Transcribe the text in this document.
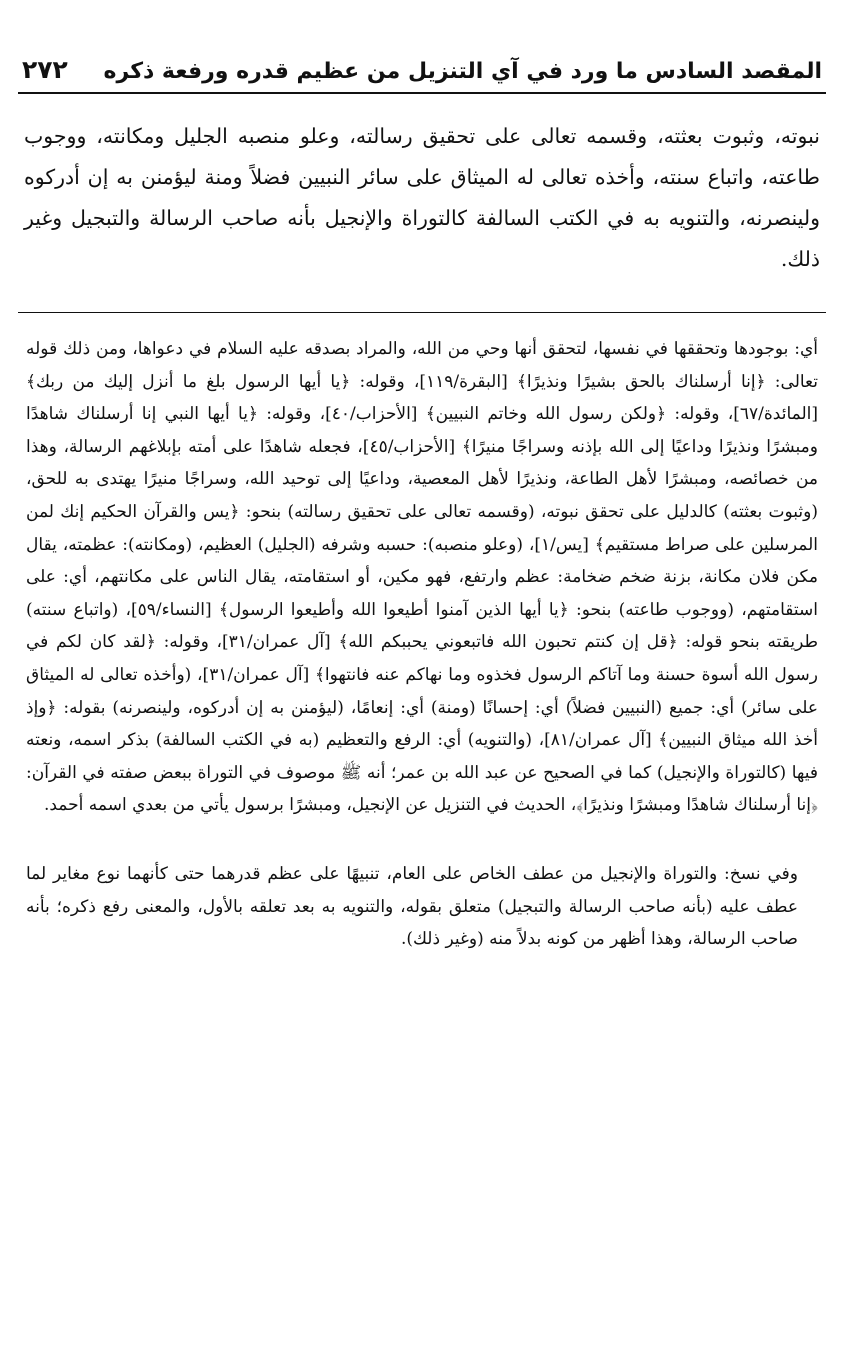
المقصد السادس ما ورد في آي التنزيل من عظيم قدره ورفعة ذكره
٢٧٢

نبوته، وثبوت بعثته، وقسمه تعالى على تحقيق رسالته، وعلو منصبه الجليل ومكانته، ووجوب طاعته، واتباع سنته، وأخذه تعالى له الميثاق على سائر النبيين فضلاً ومنة ليؤمنن به إن أدركوه ولينصرنه، والتنويه به في الكتب السالفة كالتوراة والإنجيل بأنه صاحب الرسالة والتبجيل وغير ذلك.

أي: بوجودها وتحققها في نفسها، لتحقق أنها وحي من الله، والمراد بصدقه عليه السلام في دعواها، ومن ذلك قوله تعالى: ﴿إنا أرسلناك بالحق بشيرًا ونذيرًا﴾ [البقرة/١١٩]، وقوله: ﴿يا أيها الرسول بلغ ما أنزل إليك من ربك﴾ [المائدة/٦٧]، وقوله: ﴿ولكن رسول الله وخاتم النبيين﴾ [الأحزاب/٤٠]، وقوله: ﴿يا أيها النبي إنا أرسلناك شاهدًا ومبشرًا ونذيرًا وداعيًا إلى الله بإذنه وسراجًا منيرًا﴾ [الأحزاب/٤٥]، فجعله شاهدًا على أمته بإبلاغهم الرسالة، وهذا من خصائصه، ومبشرًا لأهل الطاعة، ونذيرًا لأهل المعصية، وداعيًا إلى توحيد الله، وسراجًا منيرًا يهتدى به للحق، (وثبوت بعثته) كالدليل على تحقق نبوته، (وقسمه تعالى على تحقيق رسالته) بنحو: ﴿يس والقرآن الحكيم إنك لمن المرسلين على صراط مستقيم﴾ [يس/١]، (وعلو منصبه): حسبه وشرفه (الجليل) العظيم، (ومكانته): عظمته، يقال مكن فلان مكانة، بزنة ضخم ضخامة: عظم وارتفع، فهو مكين، أو استقامته، يقال الناس على مكانتهم، أي: على استقامتهم، (ووجوب طاعته) بنحو: ﴿يا أيها الذين آمنوا أطيعوا الله وأطيعوا الرسول﴾ [النساء/٥٩]، (واتباع سنته) طريقته بنحو قوله: ﴿قل إن كنتم تحبون الله فاتبعوني يحببكم الله﴾ [آل عمران/٣١]، وقوله: ﴿لقد كان لكم في رسول الله أسوة حسنة وما آتاكم الرسول فخذوه وما نهاكم عنه فانتهوا﴾ [آل عمران/٣١]، (وأخذه تعالى له الميثاق على سائر) أي: جميع (النبيين فضلاً) أي: إحسانًا (ومنة) أي: إنعامًا، (ليؤمنن به إن أدركوه، ولينصرنه) بقوله: ﴿وإذ أخذ الله ميثاق النبيين﴾ [آل عمران/٨١]، (والتنويه) أي: الرفع والتعظيم (به في الكتب السالفة) بذكر اسمه، ونعته فيها (كالتوراة والإنجيل) كما في الصحيح عن عبد الله بن عمر؛ أنه ﷺ موصوف في التوراة ببعض صفته في القرآن: ﴿إنا أرسلناك شاهدًا ومبشرًا ونذيرًا﴾، الحديث في التنزيل عن الإنجيل، ومبشرًا برسول يأتي من بعدي اسمه أحمد.

وفي نسخ: والتوراة والإنجيل من عطف الخاص على العام، تنبيهًا على عظم قدرهما حتى كأنهما نوع مغاير لما عطف عليه (بأنه صاحب الرسالة والتبجيل) متعلق بقوله، والتنويه به بعد تعلقه بالأول، والمعنى رفع ذكره؛ بأنه صاحب الرسالة، وهذا أظهر من كونه بدلاً منه (وغير ذلك).
